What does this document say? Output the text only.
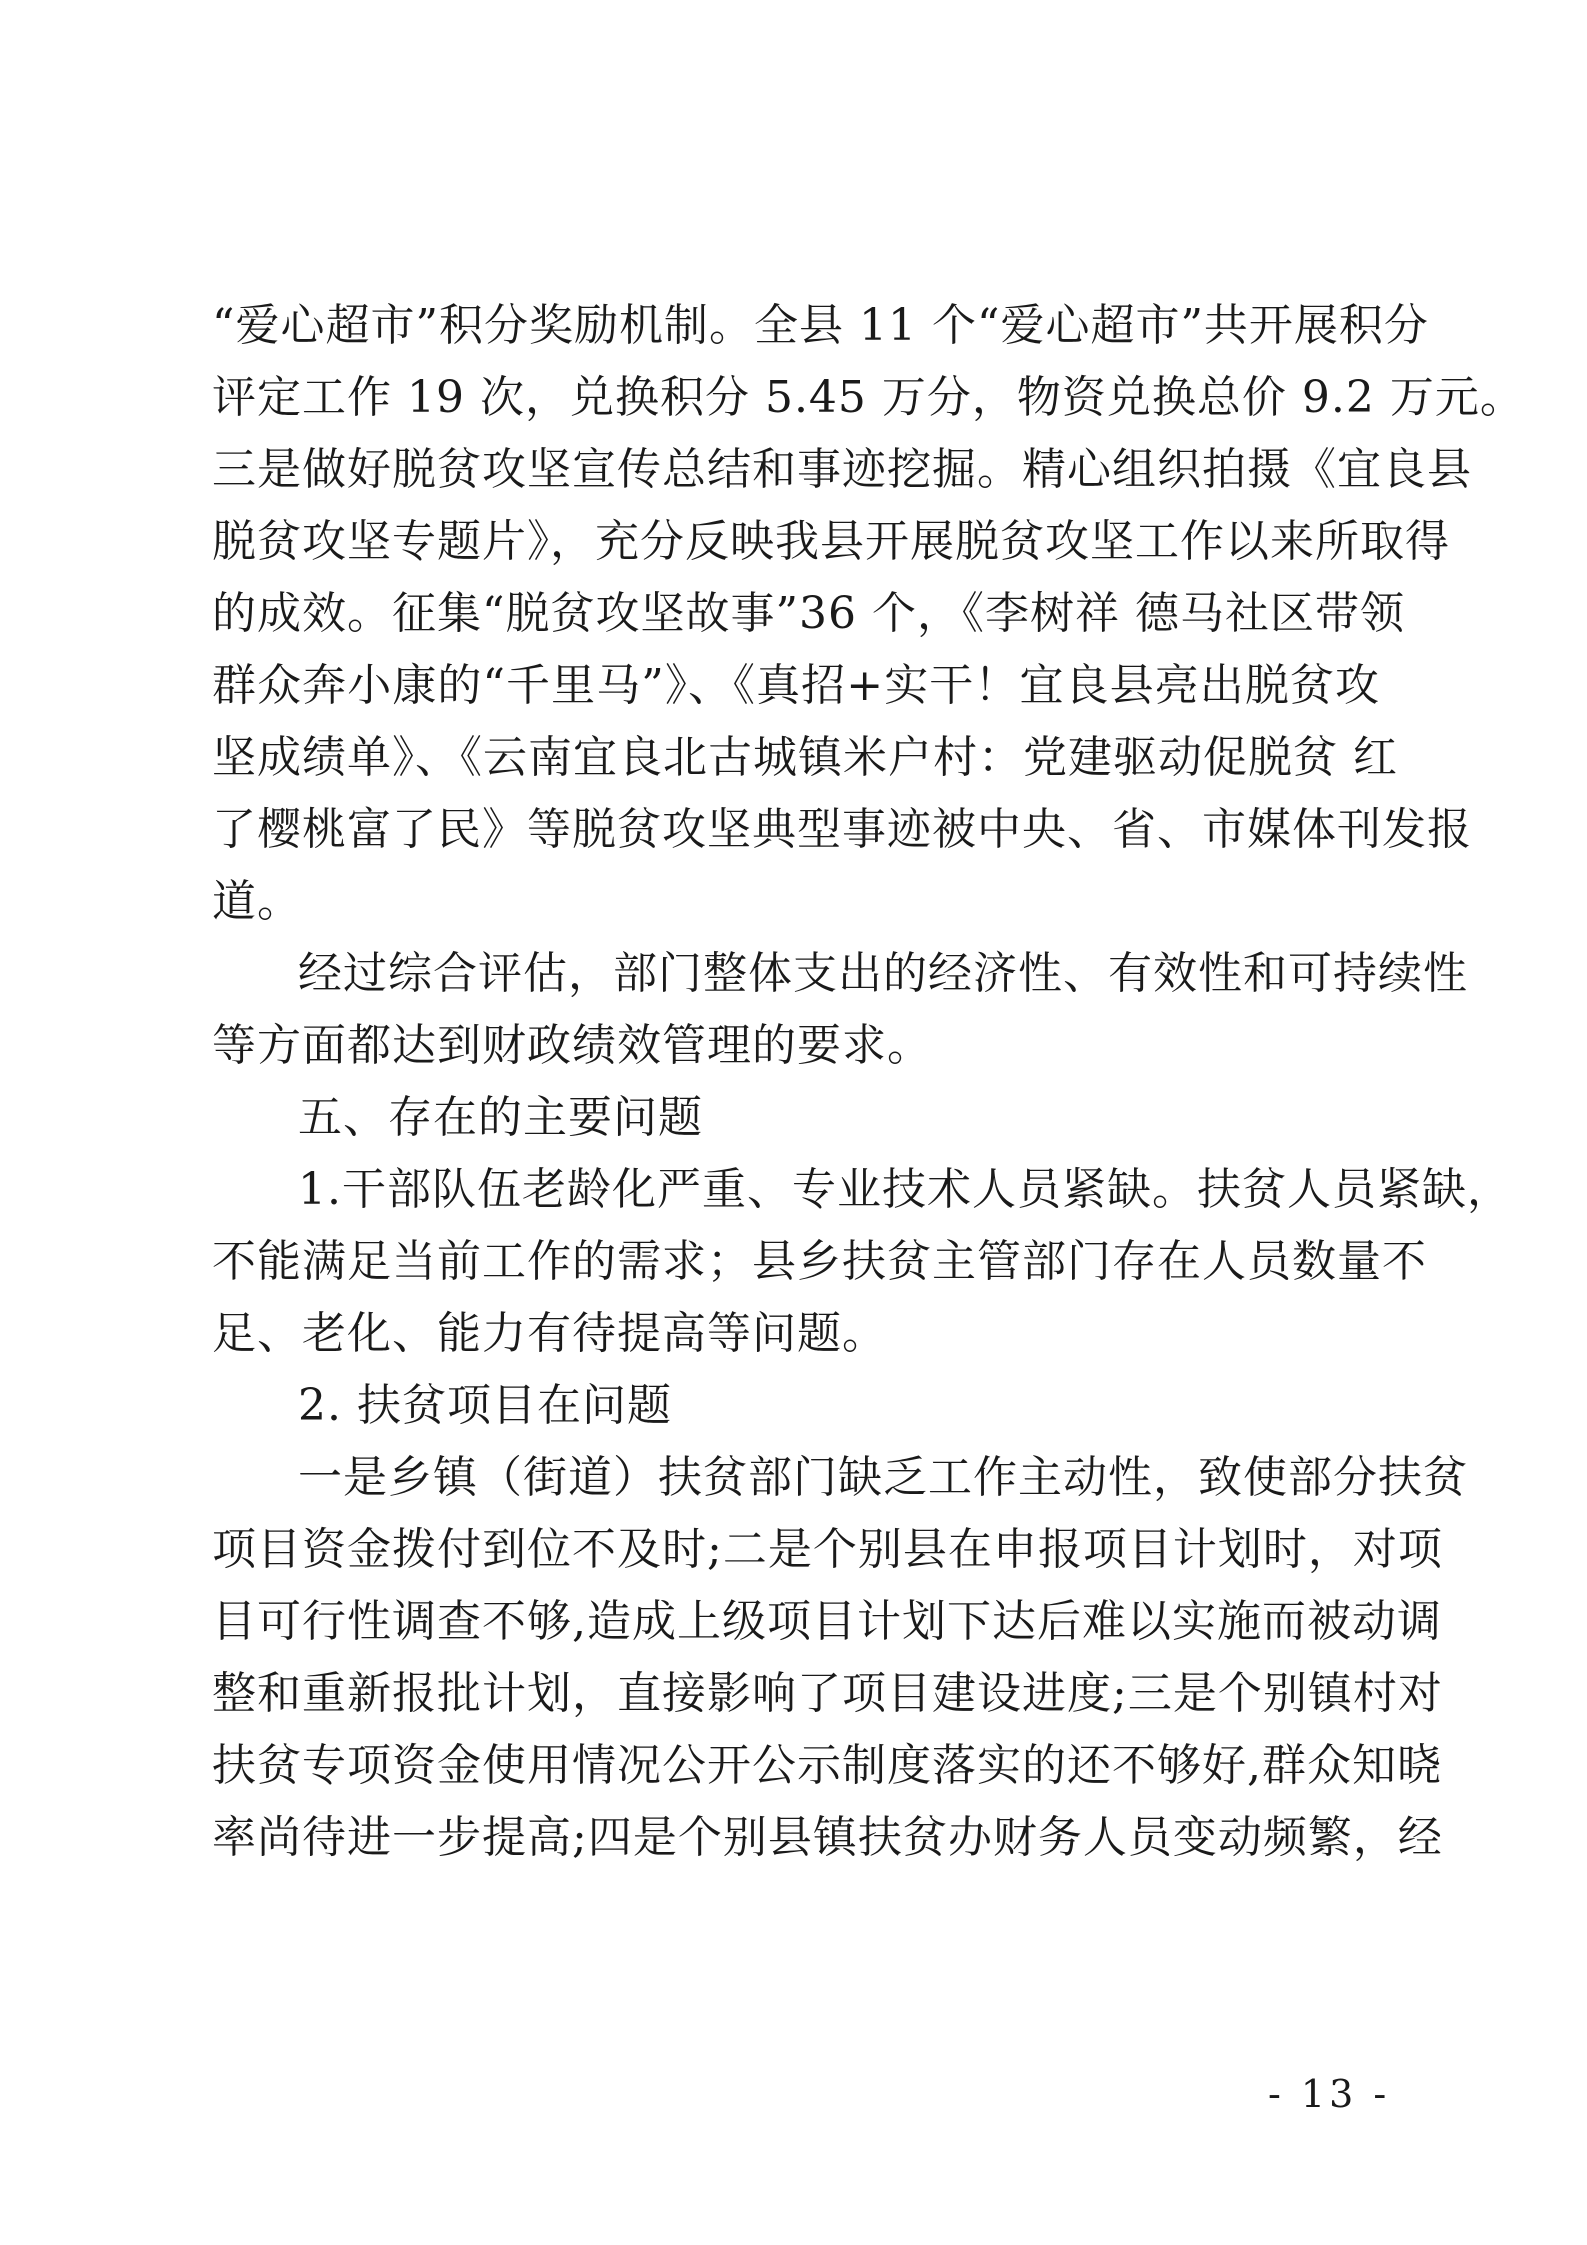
“爱心超市”积分奖励机制。全县 11 个“爱心超市”共开展积分
评定工作 19 次，兑换积分 5.45 万分，物资兑换总价 9.2 万元。
三是做好脱贫攻坚宣传总结和事迹挖掘。精心组织拍摄《宜良县
脱贫攻坚专题片》，充分反映我县开展脱贫攻坚工作以来所取得
的成效。征集“脱贫攻坚故事”36 个，《李树祥 德马社区带领
群众奔小康的“千里马”》、《真招+实干！宜良县亮出脱贫攻
坚成绩单》、《云南宜良北古城镇米户村：党建驱动促脱贫 红
了樱桃富了民》等脱贫攻坚典型事迹被中央、省、市媒体刊发报
道。
经过综合评估，部门整体支出的经济性、有效性和可持续性
等方面都达到财政绩效管理的要求。
五、存在的主要问题
1.干部队伍老龄化严重、专业技术人员紧缺。扶贫人员紧缺，
不能满足当前工作的需求；县乡扶贫主管部门存在人员数量不
足、老化、能力有待提高等问题。
2. 扶贫项目在问题
一是乡镇（街道）扶贫部门缺乏工作主动性，致使部分扶贫
项目资金拨付到位不及时;二是个别县在申报项目计划时，对项
目可行性调查不够,造成上级项目计划下达后难以实施而被动调
整和重新报批计划，直接影响了项目建设进度;三是个别镇村对
扶贫专项资金使用情况公开公示制度落实的还不够好,群众知晓
率尚待进一步提高;四是个别县镇扶贫办财务人员变动频繁，经
- 13 -
